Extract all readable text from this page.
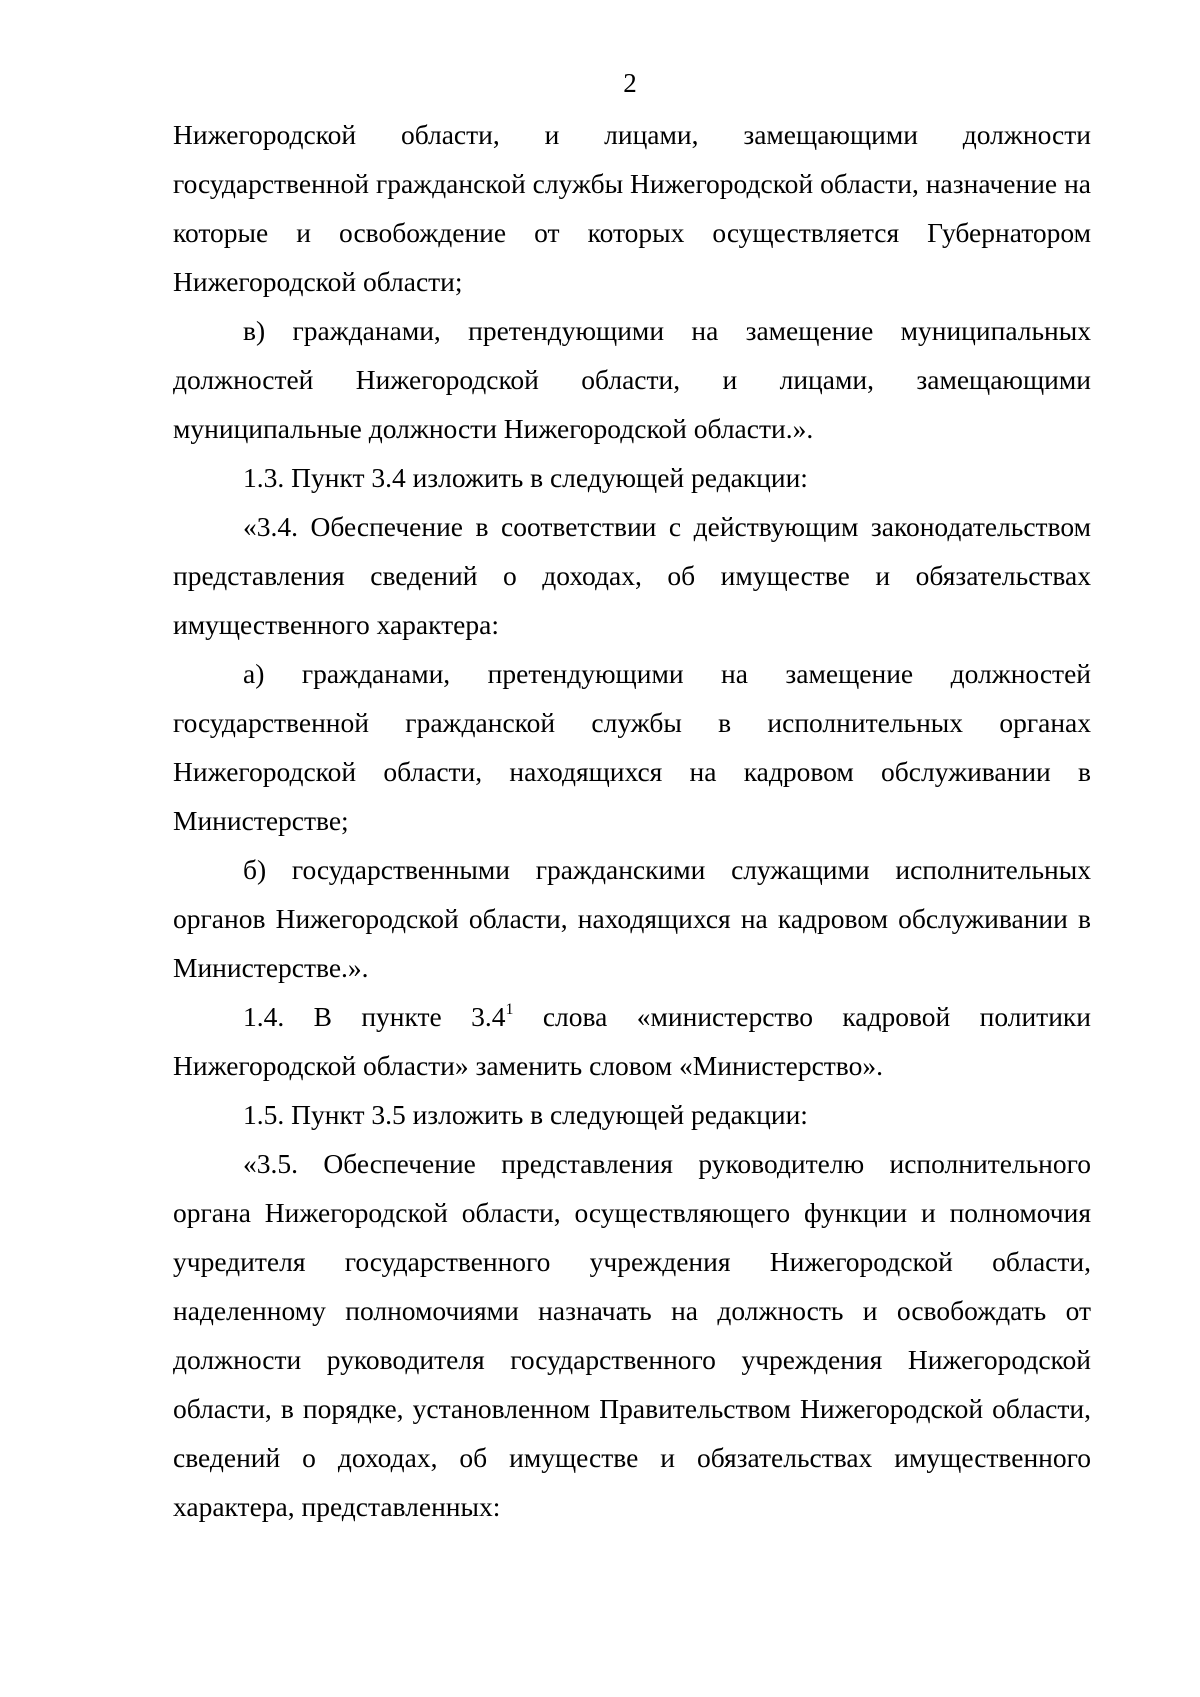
2

Нижегородской области, и лицами, замещающими должности государственной гражданской службы Нижегородской области, назначение на которые и освобождение от которых осуществляется Губернатором Нижегородской области;

в) гражданами, претендующими на замещение муниципальных должностей Нижегородской области, и лицами, замещающими муниципальные должности Нижегородской области.».

1.3. Пункт 3.4 изложить в следующей редакции:

«3.4. Обеспечение в соответствии с действующим законодательством представления сведений о доходах, об имуществе и обязательствах имущественного характера:

а) гражданами, претендующими на замещение должностей государственной гражданской службы в исполнительных органах Нижегородской области, находящихся на кадровом обслуживании в Министерстве;

б) государственными гражданскими служащими исполнительных органов Нижегородской области, находящихся на кадровом обслуживании в Министерстве.».

1.4. В пункте $3.4^1$ слова «министерство кадровой политики Нижегородской области» заменить словом «Министерство».

1.5. Пункт 3.5 изложить в следующей редакции:

«3.5. Обеспечение представления руководителю исполнительного органа Нижегородской области, осуществляющего функции и полномочия учредителя государственного учреждения Нижегородской области, наделенному полномочиями назначать на должность и освобождать от должности руководителя государственного учреждения Нижегородской области, в порядке, установленном Правительством Нижегородской области, сведений о доходах, об имуществе и обязательствах имущественного характера, представленных:
